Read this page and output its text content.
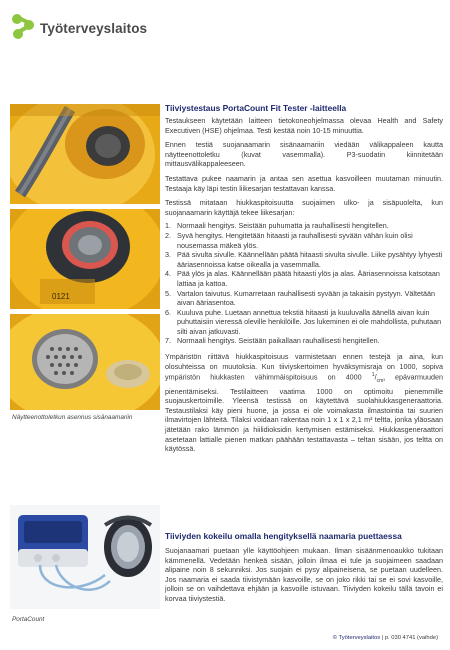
Työterveyslaitos
0121
Näytteenottoletkun asennus sisänaamariin
PortaCount
Tiiviystestaus PortaCount Fit Tester -laitteella

Testaukseen käytetään laitteen tietokoneohjelmassa olevaa Health and Safety Executiven (HSE) ohjelmaa. Testi kestää noin 10-15 minuuttia.

Ennen testiä suojanaamarin sisänaamariin viedään välikappaleen kautta näytteenottoletku (kuvat vasemmalla). P3-suodatin kiinnitetään mittausvälikappaleeseen.

Testattava pukee naamarin ja antaa sen asettua kasvoilleen muutaman minuutin. Testaaja käy läpi testin liikesarjan testattavan kanssa.

Testissä mitataan hiukkaspitoisuutta suojaimen ulko- ja sisäpuolelta, kun suojanaamarin käyttäjä tekee liikesarjan:

1. Normaali hengitys. Seistään puhumatta ja rauhallisesti hengitellen.
2. Syvä hengitys. Hengitetään hitaasti ja rauhallisesti syvään vähän kuin olisi nousemassa mäkeä ylös.
3. Pää sivulta sivulle. Käännellään päätä hitaasti sivulta sivulle. Liike pysähtyy lyhyesti ääriasennoissa katse oikealla ja vasemmalla.
4. Pää ylös ja alas. Käännellään päätä hitaasti ylös ja alas. Ääriasennoissa katsotaan lattiaa ja kattoa.
5. Vartalon taivutus. Kumarretaan rauhallisesti syvään ja takaisin pystyyn. Vältetään aivan ääriasentoa.
6. Kuuluva puhe. Luetaan annettua tekstiä hitaasti ja kuuluvalla äänellä aivan kuin puhuttaisiin vieressä oleville henkilöille. Jos lukeminen ei ole mahdollista, puhutaan silti aivan jatkuvasti.
7. Normaali hengitys. Seistään paikallaan rauhallisesti hengitellen.

Ympäristön riittävä hiukkaspitoisuus varmistetaan ennen testejä ja aina, kun olosuhteissa on muutoksia. Kun tiiviyskertoimen hyväksymisraja on 1000, sopiva ympäristön hiukkasten vähimmäispitoisuus on 4000 $^1/_{cm^3}$ epävarmuuden pienentämiseksi. Testilaitteen vaatima 1000 on optimoitu pienemmille suojauskertoimille. Yleensä testissä on käytettävä suolahiukkasgeneraattoria. Testaustilaksi käy pieni huone, ja jossa ei ole voimakasta ilmastointia tai suurien ilmavirtojen lähteitä. Tilaksi voidaan rakentaa noin 1 x 1 x 2,1 m³ teltta, jonka yläosaan jätetään rako lämmön ja hiilidioksidin kertymisen estämiseksi. Hiukkasgeneraattori asetetaan lattialle pienen matkan päähään testattavasta – teltan sisään, jos teltta on käytössä.

Tiiviyden kokeilu omalla hengityksellä naamaria puettaessa

Suojanaamari puetaan ylle käyttöohjeen mukaan. Ilman sisäänmenoaukko tukitaan kämmenellä. Vedetään henkeä sisään, jolloin ilmaa ei tule ja suojaimeen saadaan alipaine noin 8 sekunniksi. Jos suojain ei pysy alipaineisena, se puetaan uudelleen. Jos naamaria ei saada tiivistymään kasvoille, se on joko rikki tai se ei sovi kasvoille, jolloin se on vaihdettava ehjään ja kasvoille istuvaan. Tiiviyden kokeilu tällä tavoin ei korvaa tiiviystestiä.

© Työterveyslaitos | p. 030 4741 (vaihde)
